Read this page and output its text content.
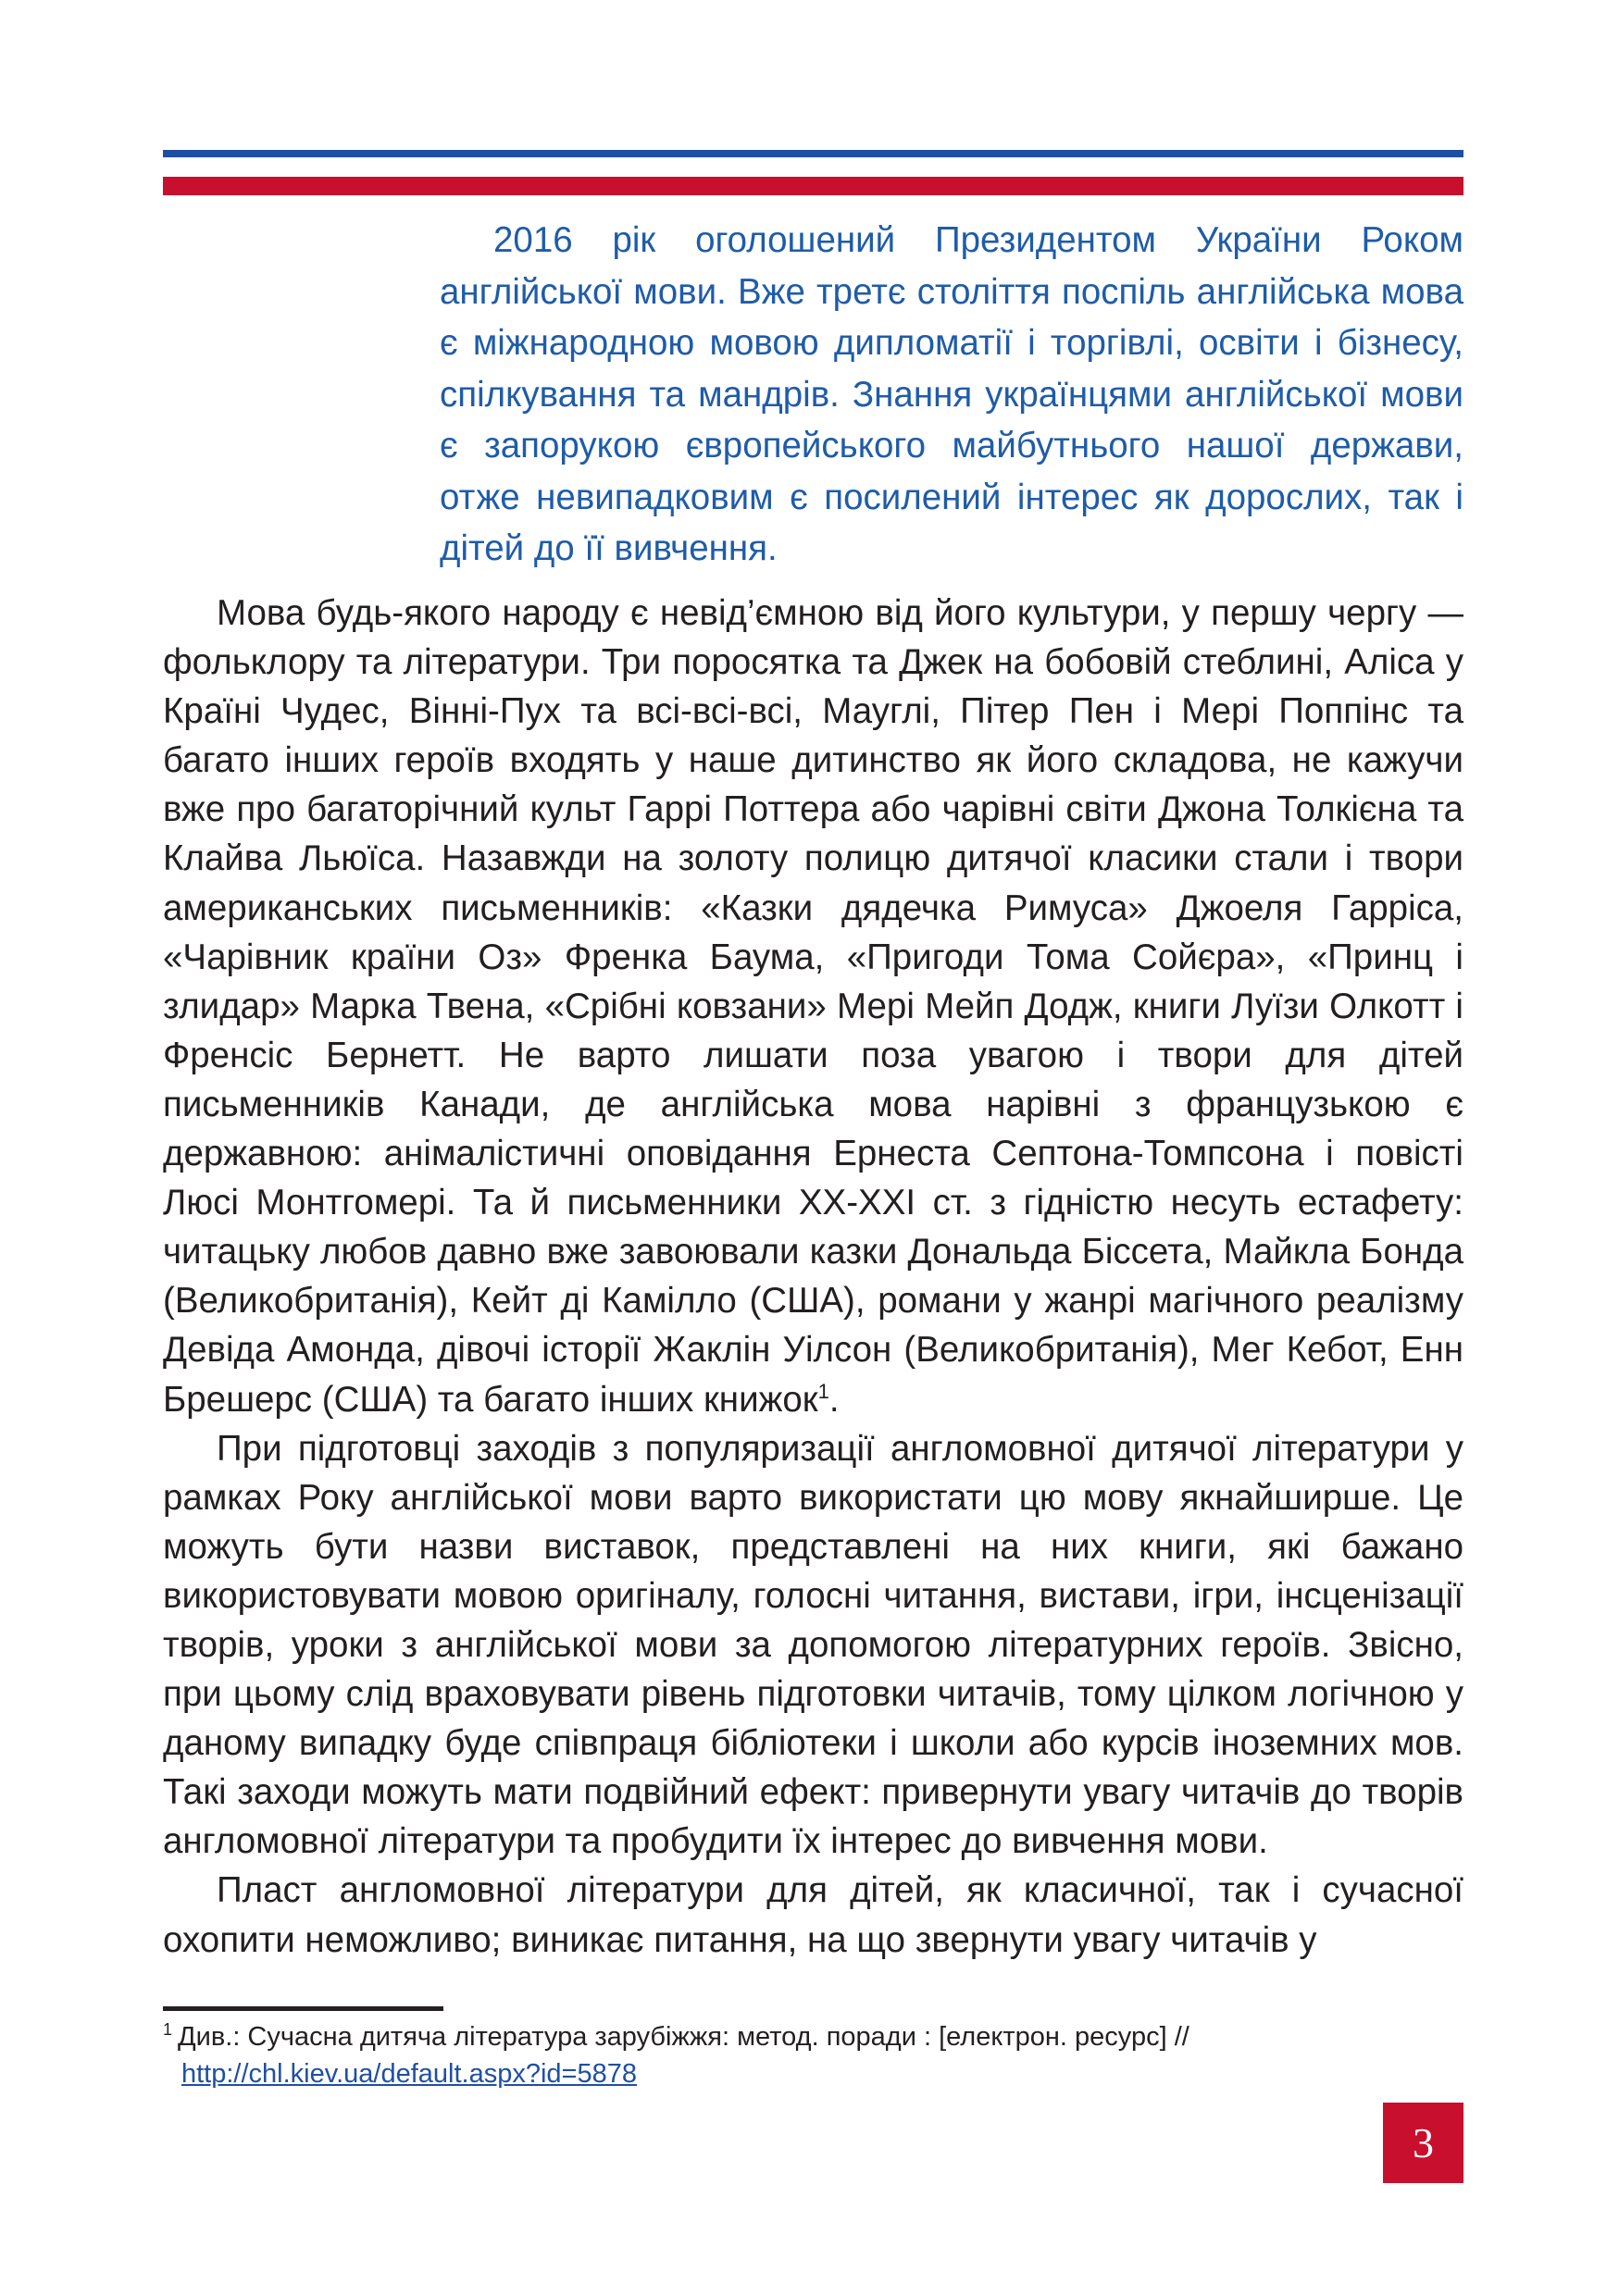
2016 рік оголошений Президентом України Роком англійської мови. Вже третє століття поспіль англійська мова є міжнародною мовою дипломатії і торгівлі, освіти і бізнесу, спілкування та мандрів. Знання українцями англійської мови є запорукою європейського майбутнього нашої держави, отже невипадковим є посилений інтерес як дорослих, так і дітей до її вивчення.

Мова будь-якого народу є невід’ємною від його культури, у першу чергу — фольклору та літератури. Три поросятка та Джек на бобовій стеблині, Аліса у Країні Чудес, Вінні-Пух та всі-всі-всі, Мауглі, Пітер Пен і Мері Поппінс та багато інших героїв входять у наше дитинство як його складова, не кажучи вже про багаторічний культ Гаррі Поттера або чарівні світи Джона Толкієна та Клайва Льюїса. Назавжди на золоту полицю дитячої класики стали і твори американських письменників: «Казки дядечка Римуса» Джоеля Гарріса, «Чарівник країни Оз» Френка Баума, «Пригоди Тома Сойєра», «Принц і злидар» Марка Твена, «Срібні ковзани» Мері Мейп Додж, книги Луїзи Олкотт і Френсіс Бернетт. Не варто лишати поза увагою і твори для дітей письменників Канади, де англійська мова нарівні з французькою є державною: анімалістичні оповідання Ернеста Септона-Томпсона і повісті Люсі Монтгомері. Та й письменники XX-XXI ст. з гідністю несуть естафету: читацьку любов давно вже завоювали казки Дональда Біссета, Майкла Бонда (Великобританія), Кейт ді Камілло (США), романи у жанрі магічного реалізму Девіда Амонда, дівочі історії Жаклін Уілсон (Великобританія), Мег Кебот, Енн Брешерс (США) та багато інших книжок$^1$.

При підготовці заходів з популяризації англомовної дитячої літератури у рамках Року англійської мови варто використати цю мову якнайширше. Це можуть бути назви виставок, представлені на них книги, які бажано використовувати мовою оригіналу, голосні читання, вистави, ігри, інсценізації творів, уроки з англійської мови за допомогою літературних героїв. Звісно, при цьому слід враховувати рівень підготовки читачів, тому цілком логічною у даному випадку буде співпраця бібліотеки і школи або курсів іноземних мов. Такі заходи можуть мати подвійний ефект: привернути увагу читачів до творів англомовної літератури та пробудити їх інтерес до вивчення мови.

Пласт англомовної літератури для дітей, як класичної, так і сучасної охопити неможливо; виникає питання, на що звернути увагу читачів у

$^1$ Див.: Сучасна дитяча література зарубіжжя: метод. поради : [електрон. ресурс] //
http://chl.kiev.ua/default.aspx?id=5878
3
